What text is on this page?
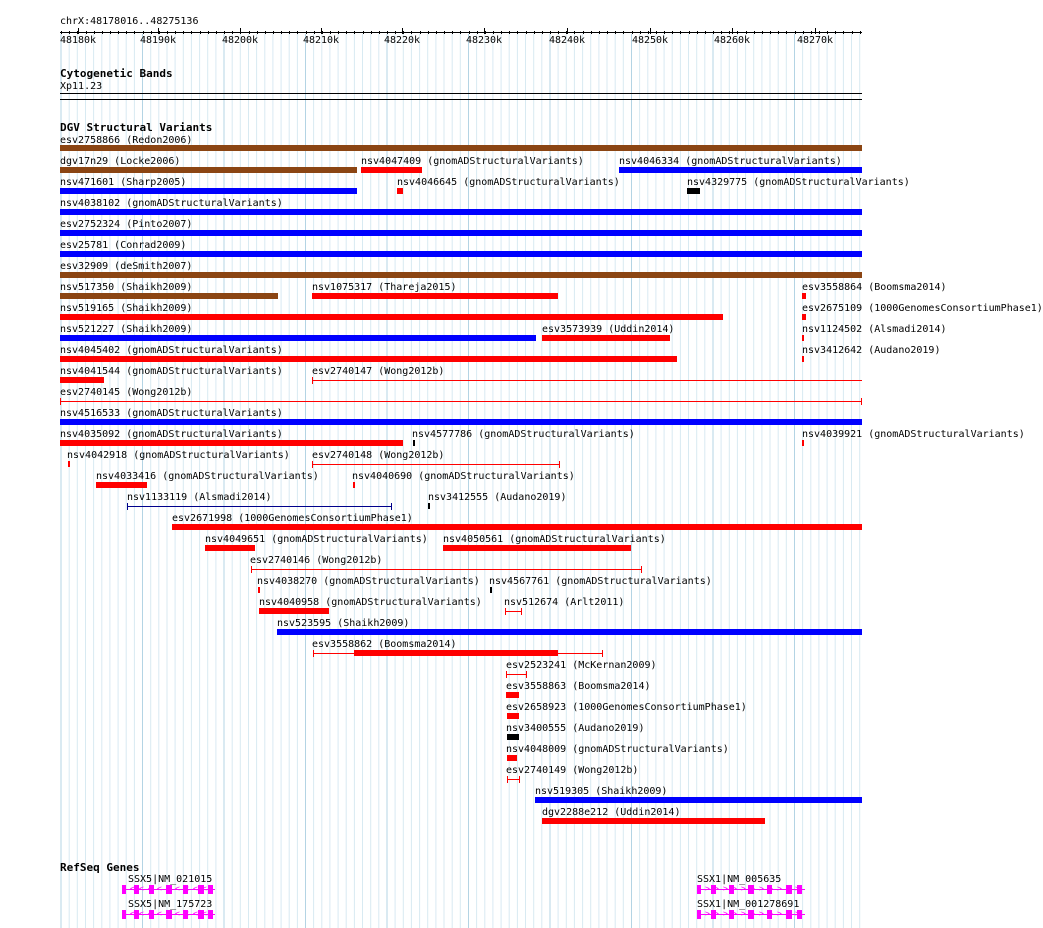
chrX:48178016..48275136
48180k	48190k	48200k	48210k	48220k	48230k	48240k	48250k	48260k	48270k
Cytogenetic Bands
Xp11.23
DGV Structural Variants
esv2758866 (Redon2006)
dgv17n29 (Locke2006)	nsv4047409 (gnomADStructuralVariants)	nsv4046334 (gnomADStructuralVariants)
nsv471601 (Sharp2005)	nsv4046645 (gnomADStructuralVariants)	nsv4329775 (gnomADStructuralVariants)
nsv4038102 (gnomADStructuralVariants)
esv2752324 (Pinto2007)
esv25781 (Conrad2009)
esv32909 (deSmith2007)
nsv517350 (Shaikh2009)	nsv1075317 (Thareja2015)	esv3558864 (Boomsma2014)
nsv519165 (Shaikh2009)	esv2675109 (1000GenomesConsortiumPhase1)
nsv521227 (Shaikh2009)	esv3573939 (Uddin2014)	nsv1124502 (Alsmadi2014)
nsv4045402 (gnomADStructuralVariants)	nsv3412642 (Audano2019)
nsv4041544 (gnomADStructuralVariants)	esv2740147 (Wong2012b)
esv2740145 (Wong2012b)
nsv4516533 (gnomADStructuralVariants)
nsv4035092 (gnomADStructuralVariants)	nsv4577786 (gnomADStructuralVariants)	nsv4039921 (gnomADStructuralVariants)
nsv4042918 (gnomADStructuralVariants) esv2740148 (Wong2012b)
nsv4033416 (gnomADStructuralVariants)	nsv4040690 (gnomADStructuralVariants)
nsv1133119 (Alsmadi2014)	nsv3412555 (Audano2019)
esv2671998 (1000GenomesConsortiumPhase1)
nsv4049651 (gnomADStructuralVariants) nsv4050561 (gnomADStructuralVariants)
esv2740146 (Wong2012b)
nsv4038270 (gnomADStructuralVariants) nsv4567761 (gnomADStructuralVariants)
nsv4040958 (gnomADStructuralVariants) nsv512674 (Arlt2011)
nsv523595 (Shaikh2009)
esv3558862 (Boomsma2014)
esv2523241 (McKernan2009)
esv3558863 (Boomsma2014)
esv2658923 (1000GenomesConsortiumPhase1)
nsv3400555 (Audano2019)
nsv4048009 (gnomADStructuralVariants)
esv2740149 (Wong2012b)
nsv519305 (Shaikh2009)
dgv2288e212 (Uddin2014)
RefSeq Genes
SSX5|NM_021015
SSX5|NM_175723
SSX1|NM_005635
SSX1|NM_001278691
